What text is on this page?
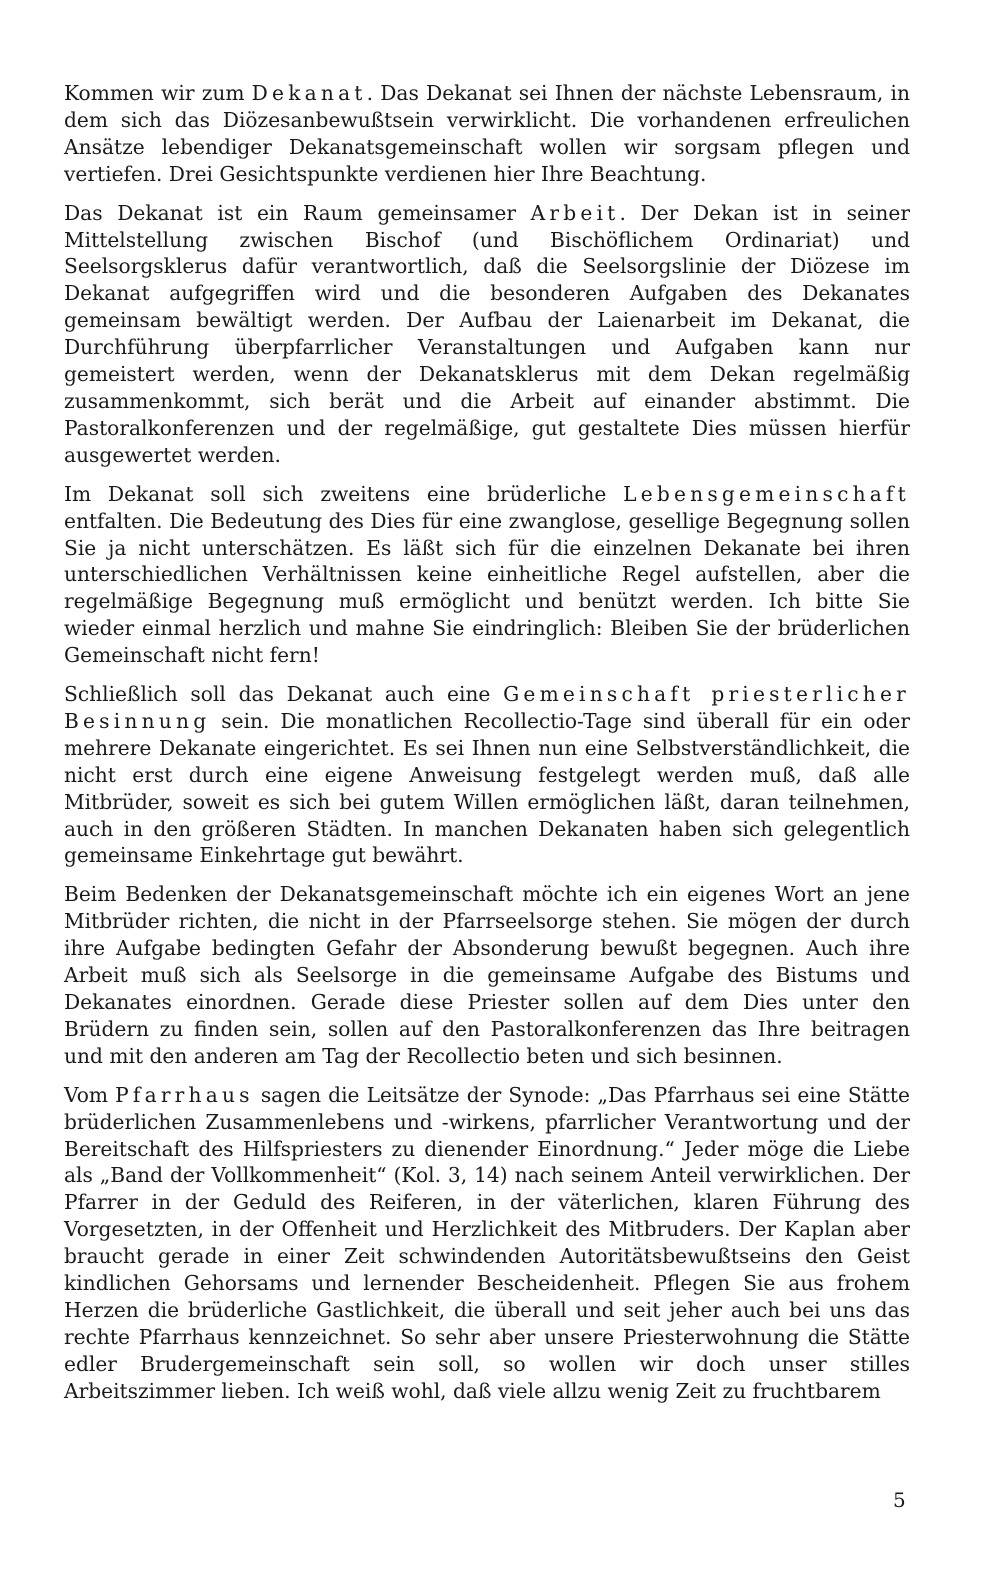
Kommen wir zum Dekanat. Das Dekanat sei Ihnen der nächste Lebensraum, in dem sich das Diözesanbewußtsein verwirklicht. Die vorhandenen erfreulichen Ansätze lebendiger Dekanatsgemeinschaft wollen wir sorgsam pflegen und vertiefen. Drei Gesichtspunkte verdienen hier Ihre Beachtung.

Das Dekanat ist ein Raum gemeinsamer Arbeit. Der Dekan ist in seiner Mittelstellung zwischen Bischof (und Bischöflichem Ordinariat) und Seelsorgsklerus dafür verantwortlich, daß die Seelsorgslinie der Diözese im Dekanat aufgegriffen wird und die besonderen Aufgaben des Dekanates gemeinsam bewältigt werden. Der Aufbau der Laienarbeit im Dekanat, die Durchführung überpfarrlicher Veranstaltungen und Aufgaben kann nur gemeistert werden, wenn der Dekanatsklerus mit dem Dekan regelmäßig zusammenkommt, sich berät und die Arbeit auf einander abstimmt. Die Pastoralkonferenzen und der regelmäßige, gut gestaltete Dies müssen hierfür ausgewertet werden.

Im Dekanat soll sich zweitens eine brüderliche Lebensgemeinschaft entfalten. Die Bedeutung des Dies für eine zwanglose, gesellige Begegnung sollen Sie ja nicht unterschätzen. Es läßt sich für die einzelnen Dekanate bei ihren unterschiedlichen Verhältnissen keine einheitliche Regel aufstellen, aber die regelmäßige Begegnung muß ermöglicht und benützt werden. Ich bitte Sie wieder einmal herzlich und mahne Sie eindringlich: Bleiben Sie der brüderlichen Gemeinschaft nicht fern!

Schließlich soll das Dekanat auch eine Gemeinschaft priesterlicher Besinnung sein. Die monatlichen Recollectio-Tage sind überall für ein oder mehrere Dekanate eingerichtet. Es sei Ihnen nun eine Selbstverständlichkeit, die nicht erst durch eine eigene Anweisung festgelegt werden muß, daß alle Mitbrüder, soweit es sich bei gutem Willen ermöglichen läßt, daran teilnehmen, auch in den größeren Städten. In manchen Dekanaten haben sich gelegentlich gemeinsame Einkehrtage gut bewährt.

Beim Bedenken der Dekanatsgemeinschaft möchte ich ein eigenes Wort an jene Mitbrüder richten, die nicht in der Pfarrseelsorge stehen. Sie mögen der durch ihre Aufgabe bedingten Gefahr der Absonderung bewußt begegnen. Auch ihre Arbeit muß sich als Seelsorge in die gemeinsame Aufgabe des Bistums und Dekanates einordnen. Gerade diese Priester sollen auf dem Dies unter den Brüdern zu finden sein, sollen auf den Pastoralkonferenzen das Ihre beitragen und mit den anderen am Tag der Recollectio beten und sich besinnen.

Vom Pfarrhaus sagen die Leitsätze der Synode: „Das Pfarrhaus sei eine Stätte brüderlichen Zusammenlebens und -wirkens, pfarrlicher Verantwortung und der Bereitschaft des Hilfspriesters zu dienender Einordnung.“ Jeder möge die Liebe als „Band der Vollkommenheit“ (Kol. 3, 14) nach seinem Anteil verwirklichen. Der Pfarrer in der Geduld des Reiferen, in der väterlichen, klaren Führung des Vorgesetzten, in der Offenheit und Herzlichkeit des Mitbruders. Der Kaplan aber braucht gerade in einer Zeit schwindenden Autoritätsbewußtseins den Geist kindlichen Gehorsams und lernender Bescheidenheit. Pflegen Sie aus frohem Herzen die brüderliche Gastlichkeit, die überall und seit jeher auch bei uns das rechte Pfarrhaus kennzeichnet. So sehr aber unsere Priesterwohnung die Stätte edler Brudergemeinschaft sein soll, so wollen wir doch unser stilles Arbeitszimmer lieben. Ich weiß wohl, daß viele allzu wenig Zeit zu fruchtbarem

5
